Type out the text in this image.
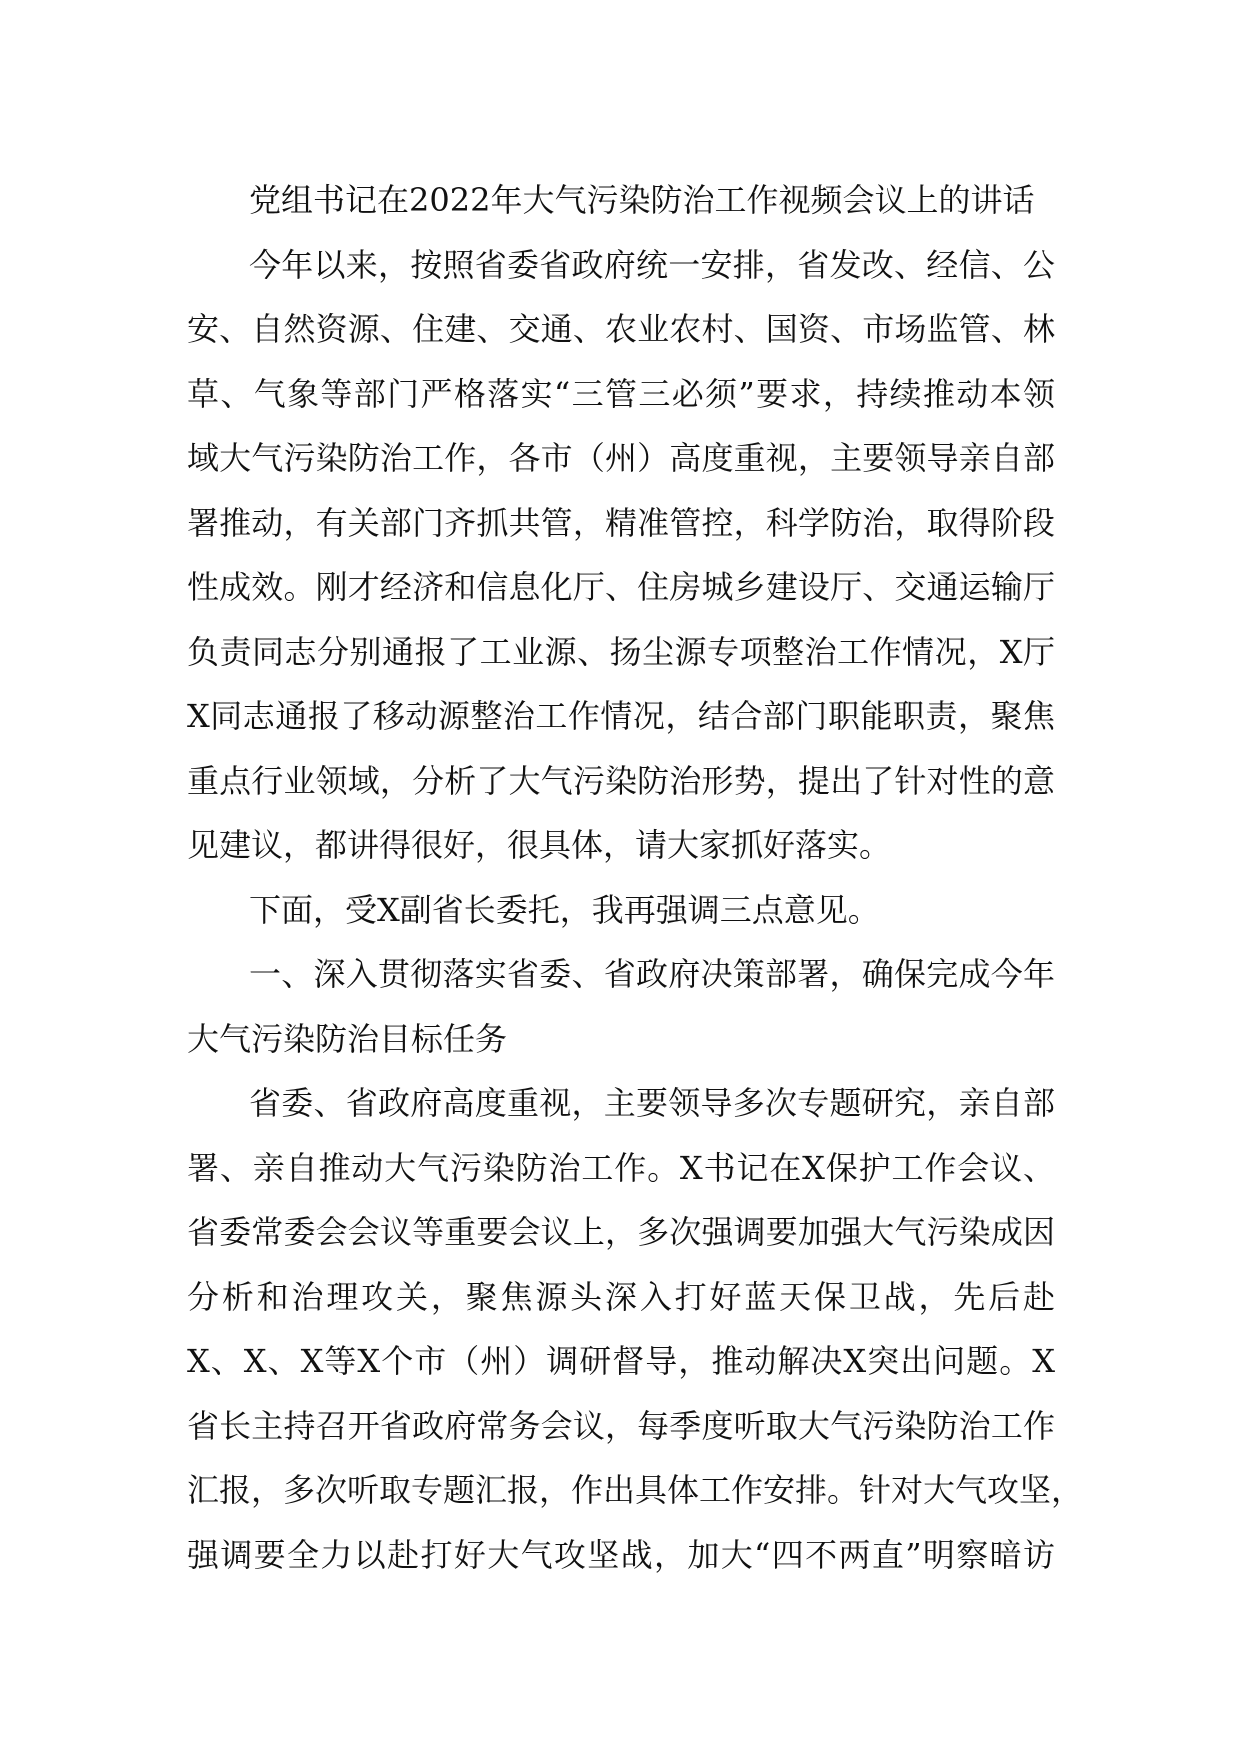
党组书记在2022年大气污染防治工作视频会议上的讲话
今年以来，按照省委省政府统一安排，省发改、经信、公
安、自然资源、住建、交通、农业农村、国资、市场监管、林
草、气象等部门严格落实“三管三必须”要求，持续推动本领
域大气污染防治工作，各市（州）高度重视，主要领导亲自部
署推动，有关部门齐抓共管，精准管控，科学防治，取得阶段
性成效。刚才经济和信息化厅、住房城乡建设厅、交通运输厅
负责同志分别通报了工业源、扬尘源专项整治工作情况，X厅
X同志通报了移动源整治工作情况，结合部门职能职责，聚焦
重点行业领域，分析了大气污染防治形势，提出了针对性的意
见建议，都讲得很好，很具体，请大家抓好落实。
下面，受X副省长委托，我再强调三点意见。
一、深入贯彻落实省委、省政府决策部署，确保完成今年
大气污染防治目标任务
省委、省政府高度重视，主要领导多次专题研究，亲自部
署、亲自推动大气污染防治工作。X书记在X保护工作会议、
省委常委会会议等重要会议上，多次强调要加强大气污染成因
分析和治理攻关，聚焦源头深入打好蓝天保卫战，先后赴
X、X、X等X个市（州）调研督导，推动解决X突出问题。X
省长主持召开省政府常务会议，每季度听取大气污染防治工作
汇报，多次听取专题汇报，作出具体工作安排。针对大气攻坚，
强调要全力以赴打好大气攻坚战，加大“四不两直”明察暗访
